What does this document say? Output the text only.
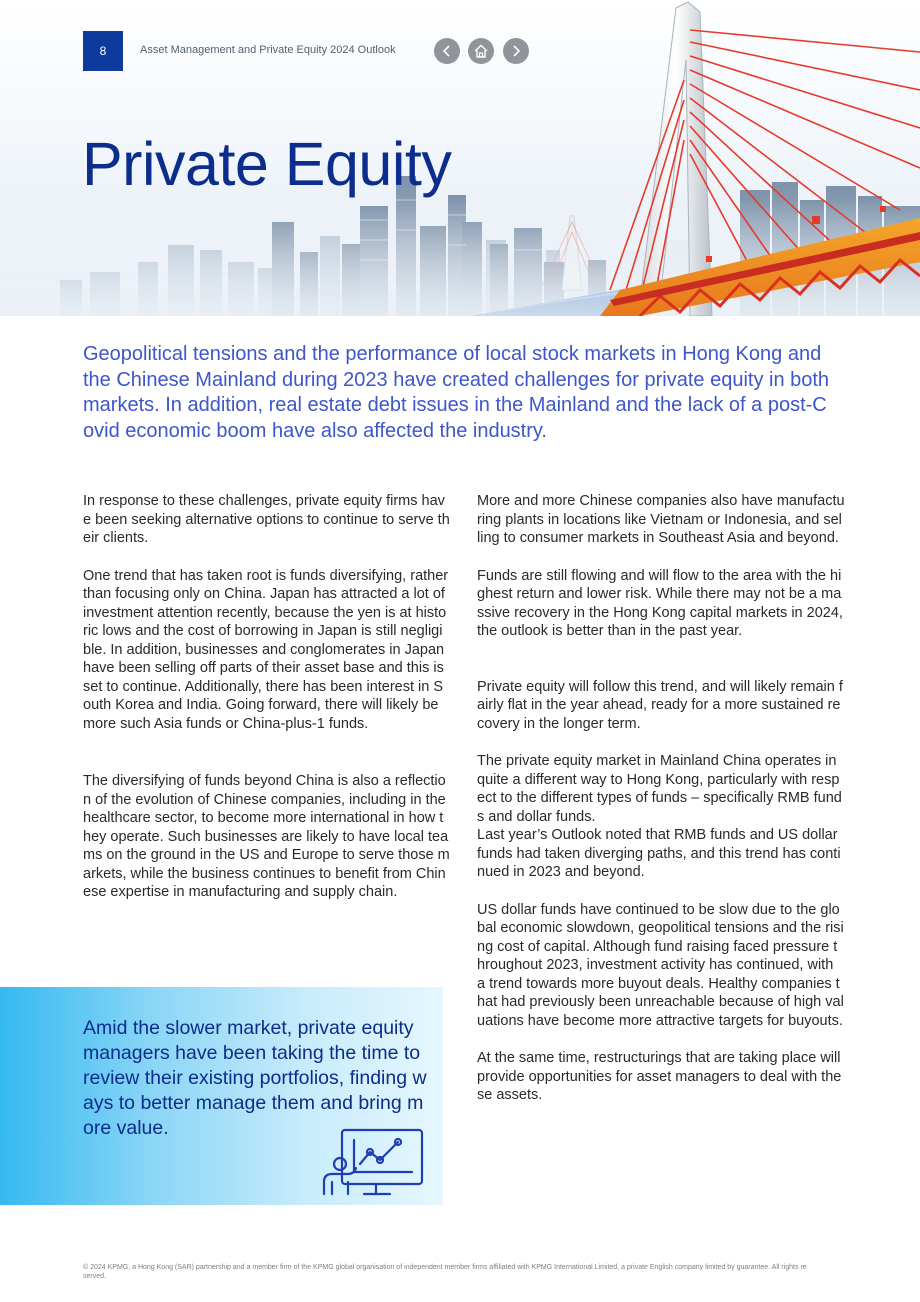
8	Asset Management and Private Equity 2024 Outlook
Private Equity

Geopolitical tensions and the performance of local stock markets in Hong Kong and the Chinese Mainland during 2023 have created challenges for private equity in both markets. In addition, real estate debt issues in the Mainland and the lack of a post-Covid economic boom have also affected the industry.

In response to these challenges, private equity firms have been seeking alternative options to continue to serve their clients.

One trend that has taken root is funds diversifying, rather than focusing only on China. Japan has attracted a lot of investment attention recently, because the yen is at historic lows and the cost of borrowing in Japan is still negligible. In addition, businesses and conglomerates in Japan have been selling off parts of their asset base and this is set to continue. Additionally, there has been interest in South Korea and India. Going forward, there will likely be more such Asia funds or China-plus-1 funds.

The diversifying of funds beyond China is also a reflection of the evolution of Chinese companies, including in the healthcare sector, to become more international in how they operate. Such businesses are likely to have local teams on the ground in the US and Europe to serve those markets, while the business continues to benefit from Chinese expertise in manufacturing and supply chain.

More and more Chinese companies also have manufacturing plants in locations like Vietnam or Indonesia, and selling to consumer markets in Southeast Asia and beyond.

Funds are still flowing and will flow to the area with the highest return and lower risk. While there may not be a massive recovery in the Hong Kong capital markets in 2024, the outlook is better than in the past year.

Private equity will follow this trend, and will likely remain fairly flat in the year ahead, ready for a more sustained recovery in the longer term.

The private equity market in Mainland China operates in quite a different way to Hong Kong, particularly with respect to the different types of funds – specifically RMB funds and dollar funds.

Last year’s Outlook noted that RMB funds and US dollar funds had taken diverging paths, and this trend has continued in 2023 and beyond.

US dollar funds have continued to be slow due to the global economic slowdown, geopolitical tensions and the rising cost of capital. Although fund raising faced pressure throughout 2023, investment activity has continued, with a trend towards more buyout deals. Healthy companies that had previously been unreachable because of high valuations have become more attractive targets for buyouts.

At the same time, restructurings that are taking place will provide opportunities for asset managers to deal with these assets.

Amid the slower market, private equity managers have been taking the time to review their existing portfolios, finding ways to better manage them and bring more value.

© 2024 KPMG, a Hong Kong (SAR) partnership and a member firm of the KPMG global organisation of independent member firms affiliated with KPMG International Limited, a private English company limited by guarantee. All rights reserved.
